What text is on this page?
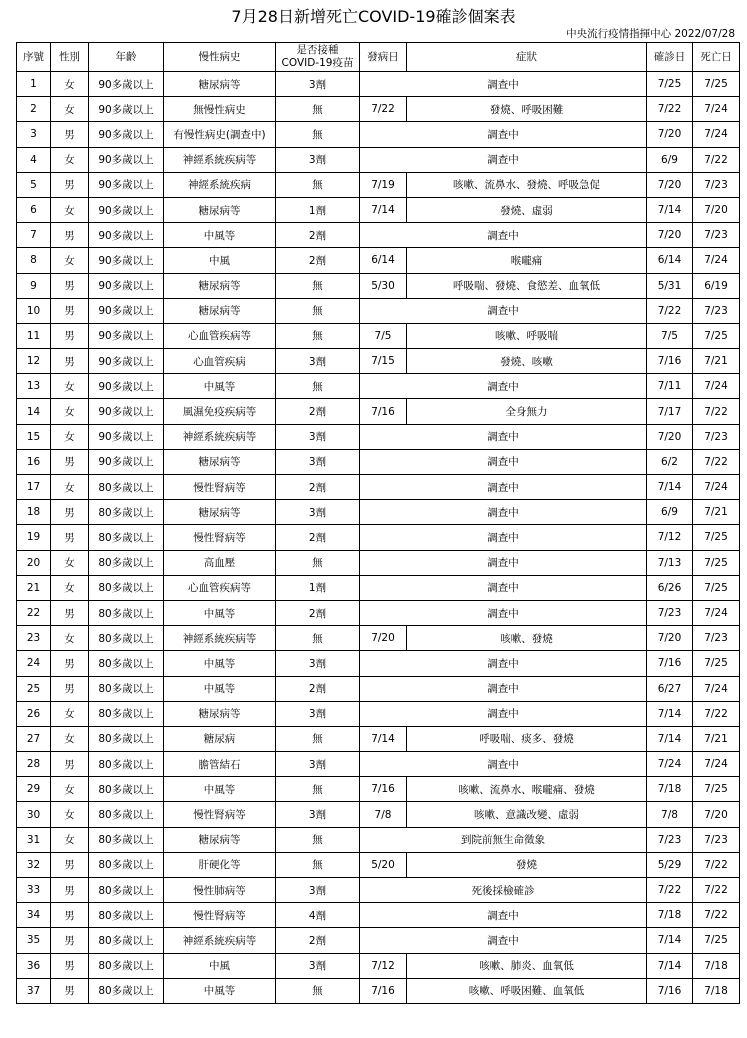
7月28日新增死亡COVID-19確診個案表
中央流行疫情指揮中心 2022/07/28
序號	性別	年齡	慢性病史	是否接種
COVID-19疫苗	發病日	症狀	確診日	死亡日
1	女	90多歲以上	糖尿病等	3劑	調查中		7/25	7/25
2	女	90多歲以上	無慢性病史	無	7/22	發燒、呼吸困難	7/22	7/24
3	男	90多歲以上	有慢性病史(調查中)	無	調查中		7/20	7/24
4	女	90多歲以上	神經系統疾病等	3劑	調查中		6/9	7/22
5	男	90多歲以上	神經系統疾病	無	7/19	咳嗽、流鼻水、發燒、呼吸急促	7/20	7/23
6	女	90多歲以上	糖尿病等	1劑	7/14	發燒、虛弱	7/14	7/20
7	男	90多歲以上	中風等	2劑	調查中		7/20	7/23
8	女	90多歲以上	中風	2劑	6/14	喉嚨痛	6/14	7/24
9	男	90多歲以上	糖尿病等	無	5/30	呼吸喘、發燒、食慾差、血氧低	5/31	6/19
10	男	90多歲以上	糖尿病等	無	調查中		7/22	7/23
11	男	90多歲以上	心血管疾病等	無	7/5	咳嗽、呼吸喘	7/5	7/25
12	男	90多歲以上	心血管疾病	3劑	7/15	發燒、咳嗽	7/16	7/21
13	女	90多歲以上	中風等	無	調查中		7/11	7/24
14	女	90多歲以上	風濕免疫疾病等	2劑	7/16	全身無力	7/17	7/22
15	女	90多歲以上	神經系統疾病等	3劑	調查中		7/20	7/23
16	男	90多歲以上	糖尿病等	3劑	調查中		6/2	7/22
17	女	80多歲以上	慢性腎病等	2劑	調查中		7/14	7/24
18	男	80多歲以上	糖尿病等	3劑	調查中		6/9	7/21
19	男	80多歲以上	慢性腎病等	2劑	調查中		7/12	7/25
20	女	80多歲以上	高血壓	無	調查中		7/13	7/25
21	女	80多歲以上	心血管疾病等	1劑	調查中		6/26	7/25
22	男	80多歲以上	中風等	2劑	調查中		7/23	7/24
23	女	80多歲以上	神經系統疾病等	無	7/20	咳嗽、發燒	7/20	7/23
24	男	80多歲以上	中風等	3劑	調查中		7/16	7/25
25	男	80多歲以上	中風等	2劑	調查中		6/27	7/24
26	女	80多歲以上	糖尿病等	3劑	調查中		7/14	7/22
27	女	80多歲以上	糖尿病	無	7/14	呼吸喘、痰多、發燒	7/14	7/21
28	男	80多歲以上	膽管結石	3劑	調查中		7/24	7/24
29	女	80多歲以上	中風等	無	7/16	咳嗽、流鼻水、喉嚨痛、發燒	7/18	7/25
30	女	80多歲以上	慢性腎病等	3劑	7/8	咳嗽、意識改變、虛弱	7/8	7/20
31	女	80多歲以上	糖尿病等	無	到院前無生命徵象		7/23	7/23
32	男	80多歲以上	肝硬化等	無	5/20	發燒	5/29	7/22
33	男	80多歲以上	慢性肺病等	3劑	死後採檢確診		7/22	7/22
34	男	80多歲以上	慢性腎病等	4劑	調查中		7/18	7/22
35	男	80多歲以上	神經系統疾病等	2劑	調查中		7/14	7/25
36	男	80多歲以上	中風	3劑	7/12	咳嗽、肺炎、血氧低	7/14	7/18
37	男	80多歲以上	中風等	無	7/16	咳嗽、呼吸困難、血氧低	7/16	7/18
